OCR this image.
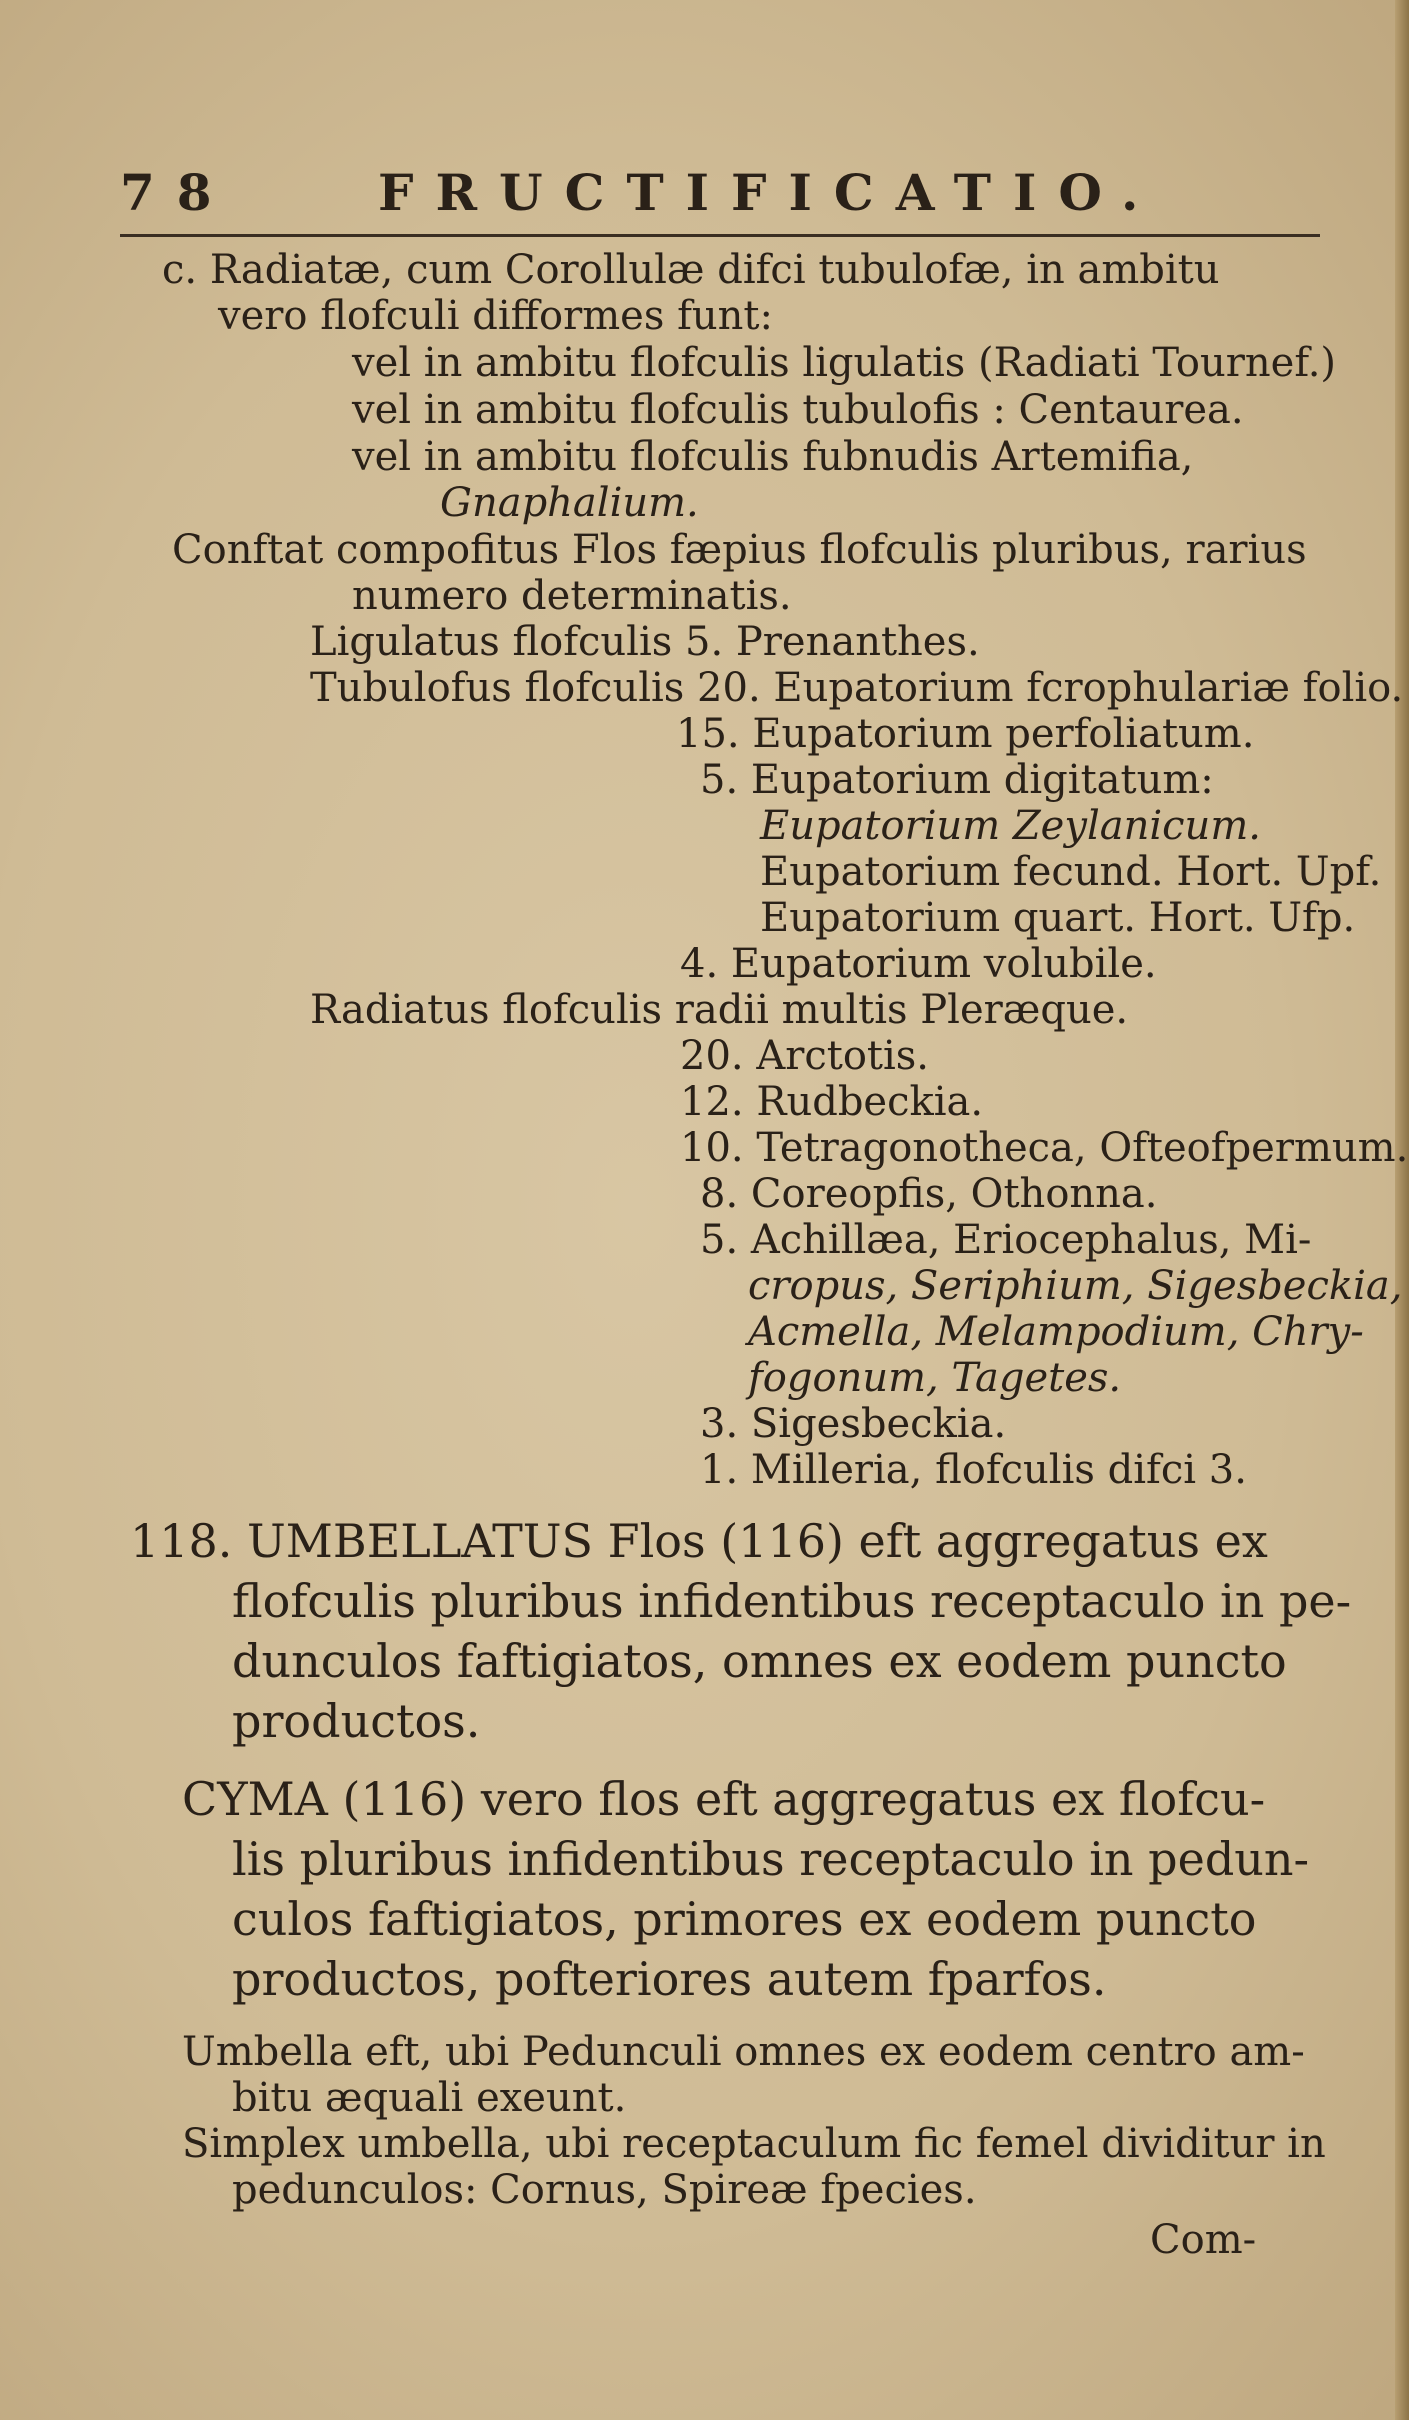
78	FRUCTIFICATIO.
c. Radiatæ, cum Corollulæ difci tubulofæ, in ambitu
vero flofculi difformes funt:
vel in ambitu flofculis ligulatis (Radiati Tournef.)
vel in ambitu flofculis tubulofis : Centaurea.
vel in ambitu flofculis fubnudis Artemifia,
Gnaphalium.
Conftat compofitus Flos fæpius flofculis pluribus, rarius
numero determinatis.
Ligulatus flofculis 5. Prenanthes.
Tubulofus flofculis 20. Eupatorium fcrophulariæ folio.
15. Eupatorium perfoliatum.
5. Eupatorium digitatum:
Eupatorium Zeylanicum.
Eupatorium fecund. Hort. Upf.
Eupatorium quart. Hort. Ufp.
4. Eupatorium volubile.
Radiatus flofculis radii multis Pleræque.
20. Arctotis.
12. Rudbeckia.
10. Tetragonotheca, Ofteofpermum.
8. Coreopfis, Othonna.
5. Achillæa, Eriocephalus, Mi-
cropus, Seriphium, Sigesbeckia,
Acmella, Melampodium, Chry-
fogonum, Tagetes.
3. Sigesbeckia.
1. Milleria, flofculis difci 3.
118. UMBELLATUS Flos (116) eft aggregatus ex
flofculis pluribus infidentibus receptaculo in pe-
dunculos faftigiatos, omnes ex eodem puncto
productos.
CYMA (116) vero flos eft aggregatus ex flofcu-
lis pluribus infidentibus receptaculo in pedun-
culos faftigiatos, primores ex eodem puncto
productos, pofteriores autem fparfos.
Umbella eft, ubi Pedunculi omnes ex eodem centro am-
bitu æquali exeunt.
Simplex umbella, ubi receptaculum fic femel dividitur in
pedunculos: Cornus, Spireæ fpecies.
Com-
